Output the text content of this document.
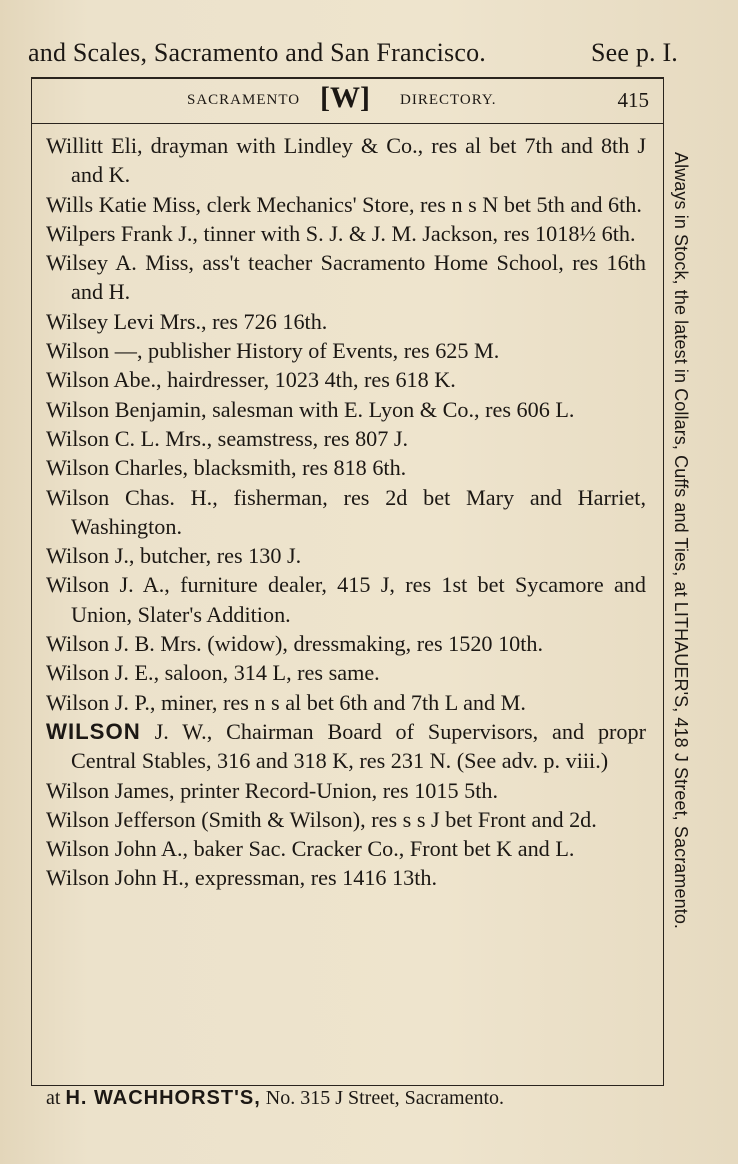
and Scales, Sacramento and San Francisco.	See p. I.
SACRAMENTO [W] DIRECTORY.	415
Willitt Eli, drayman with Lindley & Co., res al bet 7th and 8th J and K.
Wills Katie Miss, clerk Mechanics' Store, res n s N bet 5th and 6th.
Wilpers Frank J., tinner with S. J. & J. M. Jackson, res 1018½ 6th.
Wilsey A. Miss, ass't teacher Sacramento Home School, res 16th and H.
Wilsey Levi Mrs., res 726 16th.
Wilson —, publisher History of Events, res 625 M.
Wilson Abe., hairdresser, 1023 4th, res 618 K.
Wilson Benjamin, salesman with E. Lyon & Co., res 606 L.
Wilson C. L. Mrs., seamstress, res 807 J.
Wilson Charles, blacksmith, res 818 6th.
Wilson Chas. H., fisherman, res 2d bet Mary and Harriet, Washington.
Wilson J., butcher, res 130 J.
Wilson J. A., furniture dealer, 415 J, res 1st bet Sycamore and Union, Slater's Addition.
Wilson J. B. Mrs. (widow), dressmaking, res 1520 10th.
Wilson J. E., saloon, 314 L, res same.
Wilson J. P., miner, res n s al bet 6th and 7th L and M.
WILSON J. W., Chairman Board of Supervisors, and propr Central Stables, 316 and 318 K, res 231 N. (See adv. p. viii.)
Wilson James, printer Record-Union, res 1015 5th.
Wilson Jefferson (Smith & Wilson), res s s J bet Front and 2d.
Wilson John A., baker Sac. Cracker Co., Front bet K and L.
Wilson John H., expressman, res 1416 13th.	Always in Stock, the latest in Collars, Cuffs and Ties, at LITHAUER'S, 418 J Street, Sacramento.
at H. WACHHORST'S, No. 315 J Street, Sacramento.
